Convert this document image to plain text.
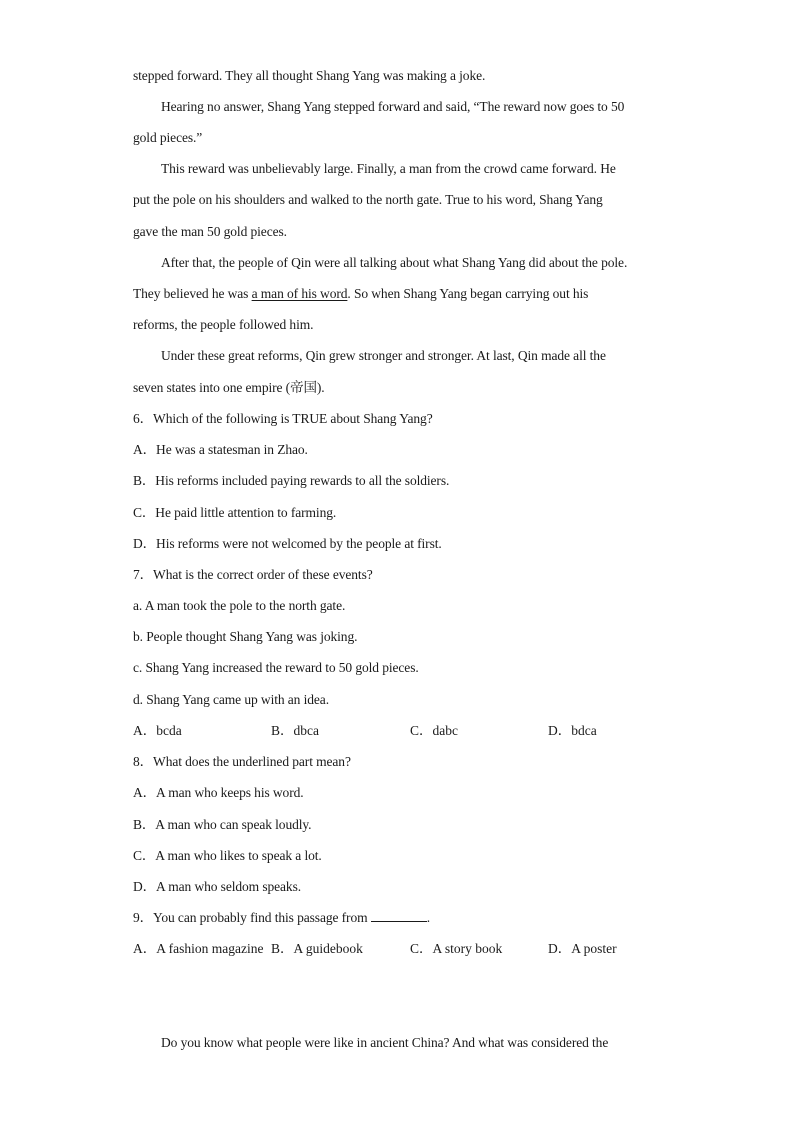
stepped forward. They all thought Shang Yang was making a joke.
Hearing no answer, Shang Yang stepped forward and said, “The reward now goes to 50
gold pieces.”
This reward was unbelievably large. Finally, a man from the crowd came forward. He
put the pole on his shoulders and walked to the north gate. True to his word, Shang Yang
gave the man 50 gold pieces.
After that, the people of Qin were all talking about what Shang Yang did about the pole.
They believed he was a man of his word. So when Shang Yang began carrying out his
reforms, the people followed him.
Under these great reforms, Qin grew stronger and stronger. At last, Qin made all the
seven states into one empire (帝国).
6．Which of the following is TRUE about Shang Yang?
A．He was a statesman in Zhao.
B．His reforms included paying rewards to all the soldiers.
C．He paid little attention to farming.
D．His reforms were not welcomed by the people at first.
7．What is the correct order of these events?
a. A man took the pole to the north gate.
b. People thought Shang Yang was joking.
c. Shang Yang increased the reward to 50 gold pieces.
d. Shang Yang came up with an idea.
A．bcda	B．dbca	C．dabc	D．bdca
8．What does the underlined part mean?
A．A man who keeps his word.
B．A man who can speak loudly.
C．A man who likes to speak a lot.
D．A man who seldom speaks.
9．You can probably find this passage from	.
A．A fashion magazine B．A guidebook	C．A story book	D．A poster
Do you know what people were like in ancient China? And what was considered the
